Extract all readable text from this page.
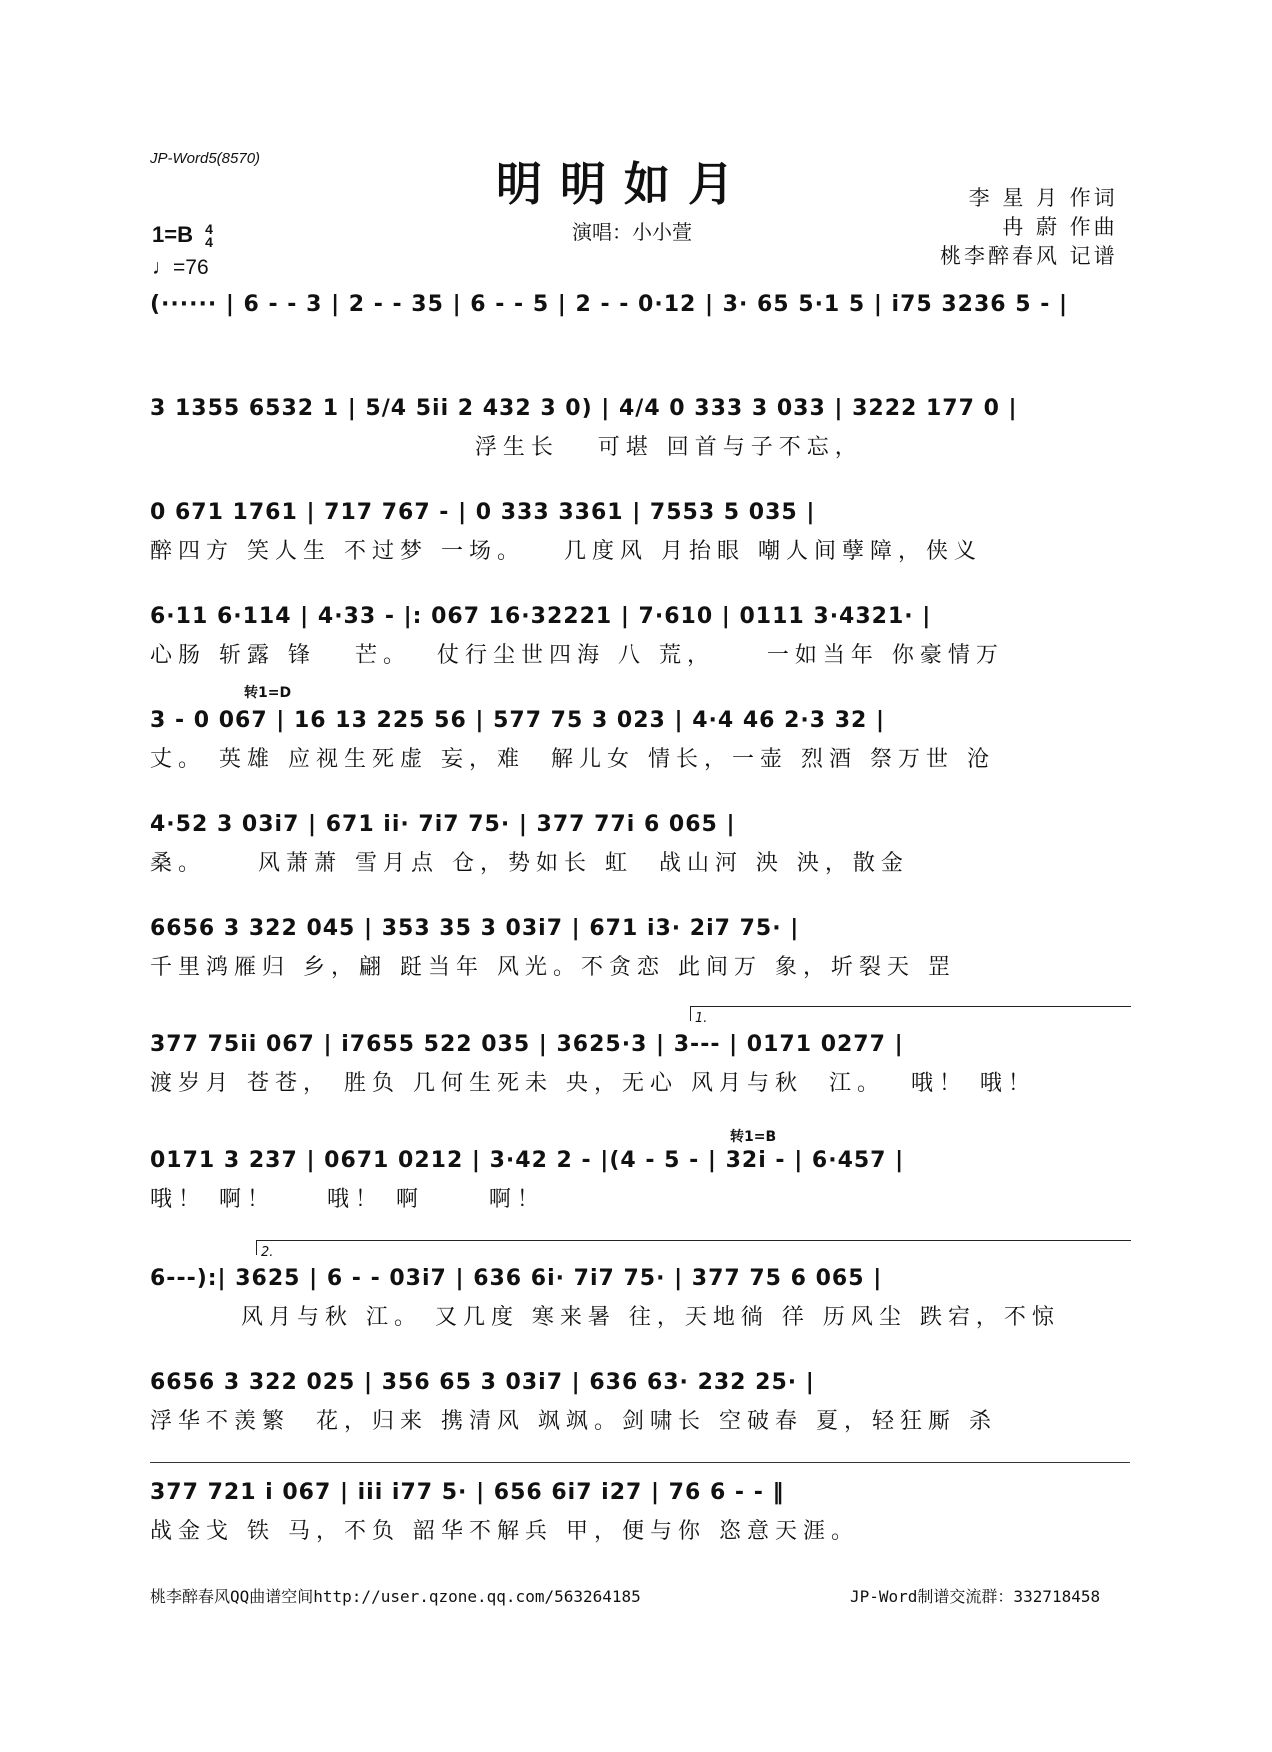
JP-Word5(8570)	明明如月
演唱：小小萱
李 星 月 作词
冉 蔚 作曲
桃李醉春风 记谱
1=B 4
4
♩=76
(······ | 6 - - 3 | 2 - - 35 | 6 - - 5 | 2 - - 0·12 | 3· 65 5·1 5 | i75 3236 5 - |
3 1355 6532 1 | 5/4 5ii 2 432 3 0) | 4/4 0 333 3 033 | 3222 177 0 |
浮生长   可堪 回首与子不忘，
0 671 1761 | 717 767 - | 0 333 3361 | 7553 5 035 |
醉四方 笑人生 不过梦 一场。   几度风 月抬眼 嘲人间孽障，侠义
6·11 6·114 | 4·33 - |: 067 16·32221 | 7·610 | 0111 3·4321· |
心肠 斩露 锋   芒。  仗行尘世四海 八 荒，    一如当年 你豪情万
转1=D
3 - 0 067 | 16 13 225 56 | 577 75 3 023 | 4·4 46 2·3 32 |
丈。 英雄 应视生死虚 妄，难  解儿女 情长，一壶 烈酒 祭万世 沧
4·52 3 03i7 | 671 ii· 7i7 75· | 377 77i 6 065 |
桑。    风萧萧 雪月点 仓，势如长 虹  战山河 泱 泱，散金
6656 3 322 045 | 353 35 3 03i7 | 671 i3· 2i7 75· |
千里鸿雁归 乡，翩 跹当年 风光。不贪恋 此间万 象，圻裂天 罡
1.
377 75ii 067 | i7655 522 035 | 3625·3 | 3--- | 0171 0277 |
渡岁月 苍苍， 胜负 几何生死未 央，无心 风月与秋  江。  哦！ 哦！
转1=B
0171 3 237 | 0671 0212 | 3·42 2 - |(4 - 5 - | 32i - | 6·457 |
哦！ 啊！    哦！ 啊     啊！
2.
6---):| 3625 | 6 - - 03i7 | 636 6i· 7i7 75· | 377 75 6 065 |
风月与秋 江。 又几度 寒来暑 往，天地徜 徉 历风尘 跌宕，不惊
6656 3 322 025 | 356 65 3 03i7 | 636 63· 232 25· |
浮华不羡繁  花，归来 携清风 飒飒。剑啸长 空破春 夏，轻狂厮 杀
377 721 i 067 | iii i77 5· | 656 6i7 i27 | 76 6 - - ‖
战金戈 铁 马，不负 韶华不解兵 甲，便与你 恣意天涯。
桃李醉春风QQ曲谱空间http://user.qzone.qq.com/563264185	JP-Word制谱交流群：332718458
